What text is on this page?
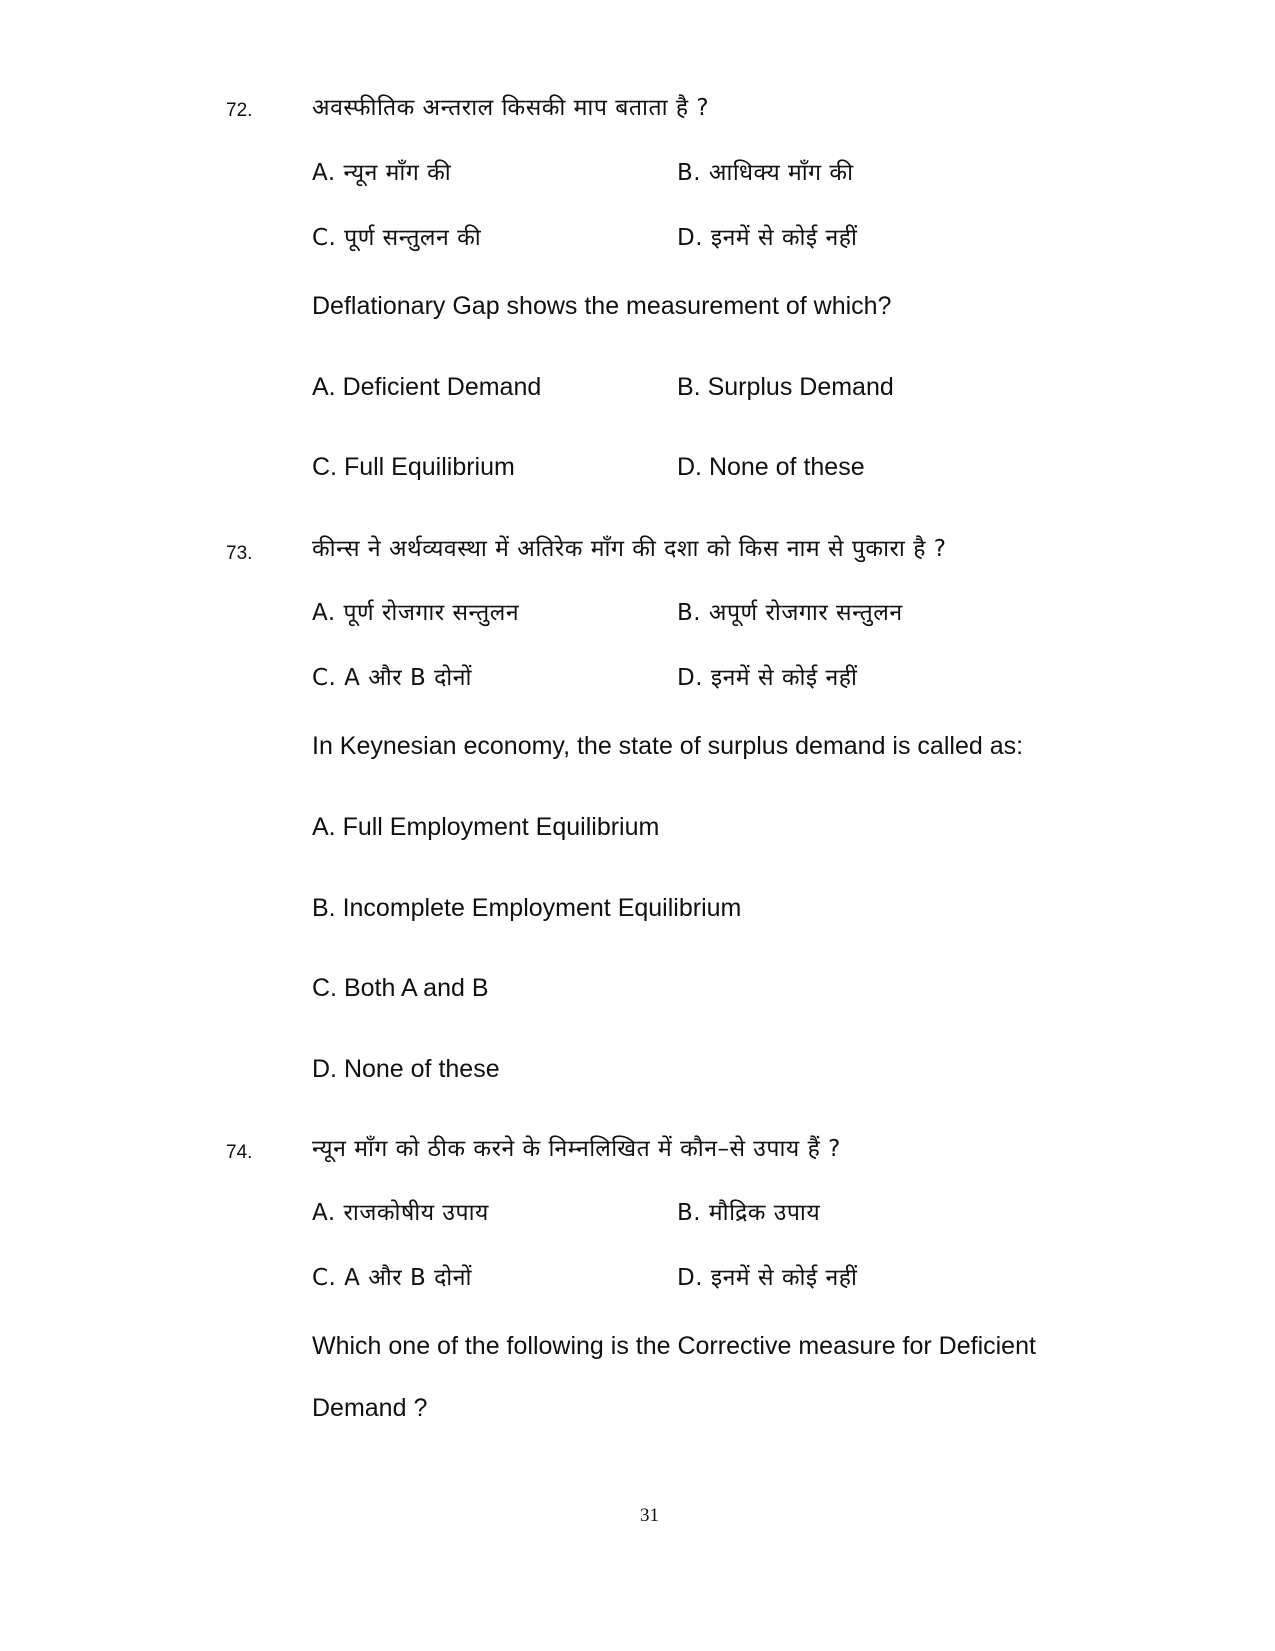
72.	अवस्फीतिक अन्तराल किसकी माप बताता है ?
A. न्यून माँग की	B. आधिक्य माँग की
C. पूर्ण सन्तुलन की	D. इनमें से कोई नहीं
Deflationary Gap shows the measurement of which?
A. Deficient Demand	B. Surplus Demand
C. Full Equilibrium	D. None of these
73.	कीन्स ने अर्थव्यवस्था में अतिरेक माँग की दशा को किस नाम से पुकारा है ?
A. पूर्ण रोजगार सन्तुलन	B. अपूर्ण रोजगार सन्तुलन
C. A और B दोनों	D. इनमें से कोई नहीं
In Keynesian economy, the state of surplus demand is called as:
A. Full Employment Equilibrium
B. Incomplete Employment Equilibrium
C. Both A and B
D. None of these
74.	न्यून माँग को ठीक करने के निम्नलिखित में कौन–से उपाय हैं ?
A. राजकोषीय उपाय	B. मौद्रिक उपाय
C. A और B दोनों	D. इनमें से कोई नहीं
Which one of the following is the Corrective measure for Deficient
Demand ?
31
